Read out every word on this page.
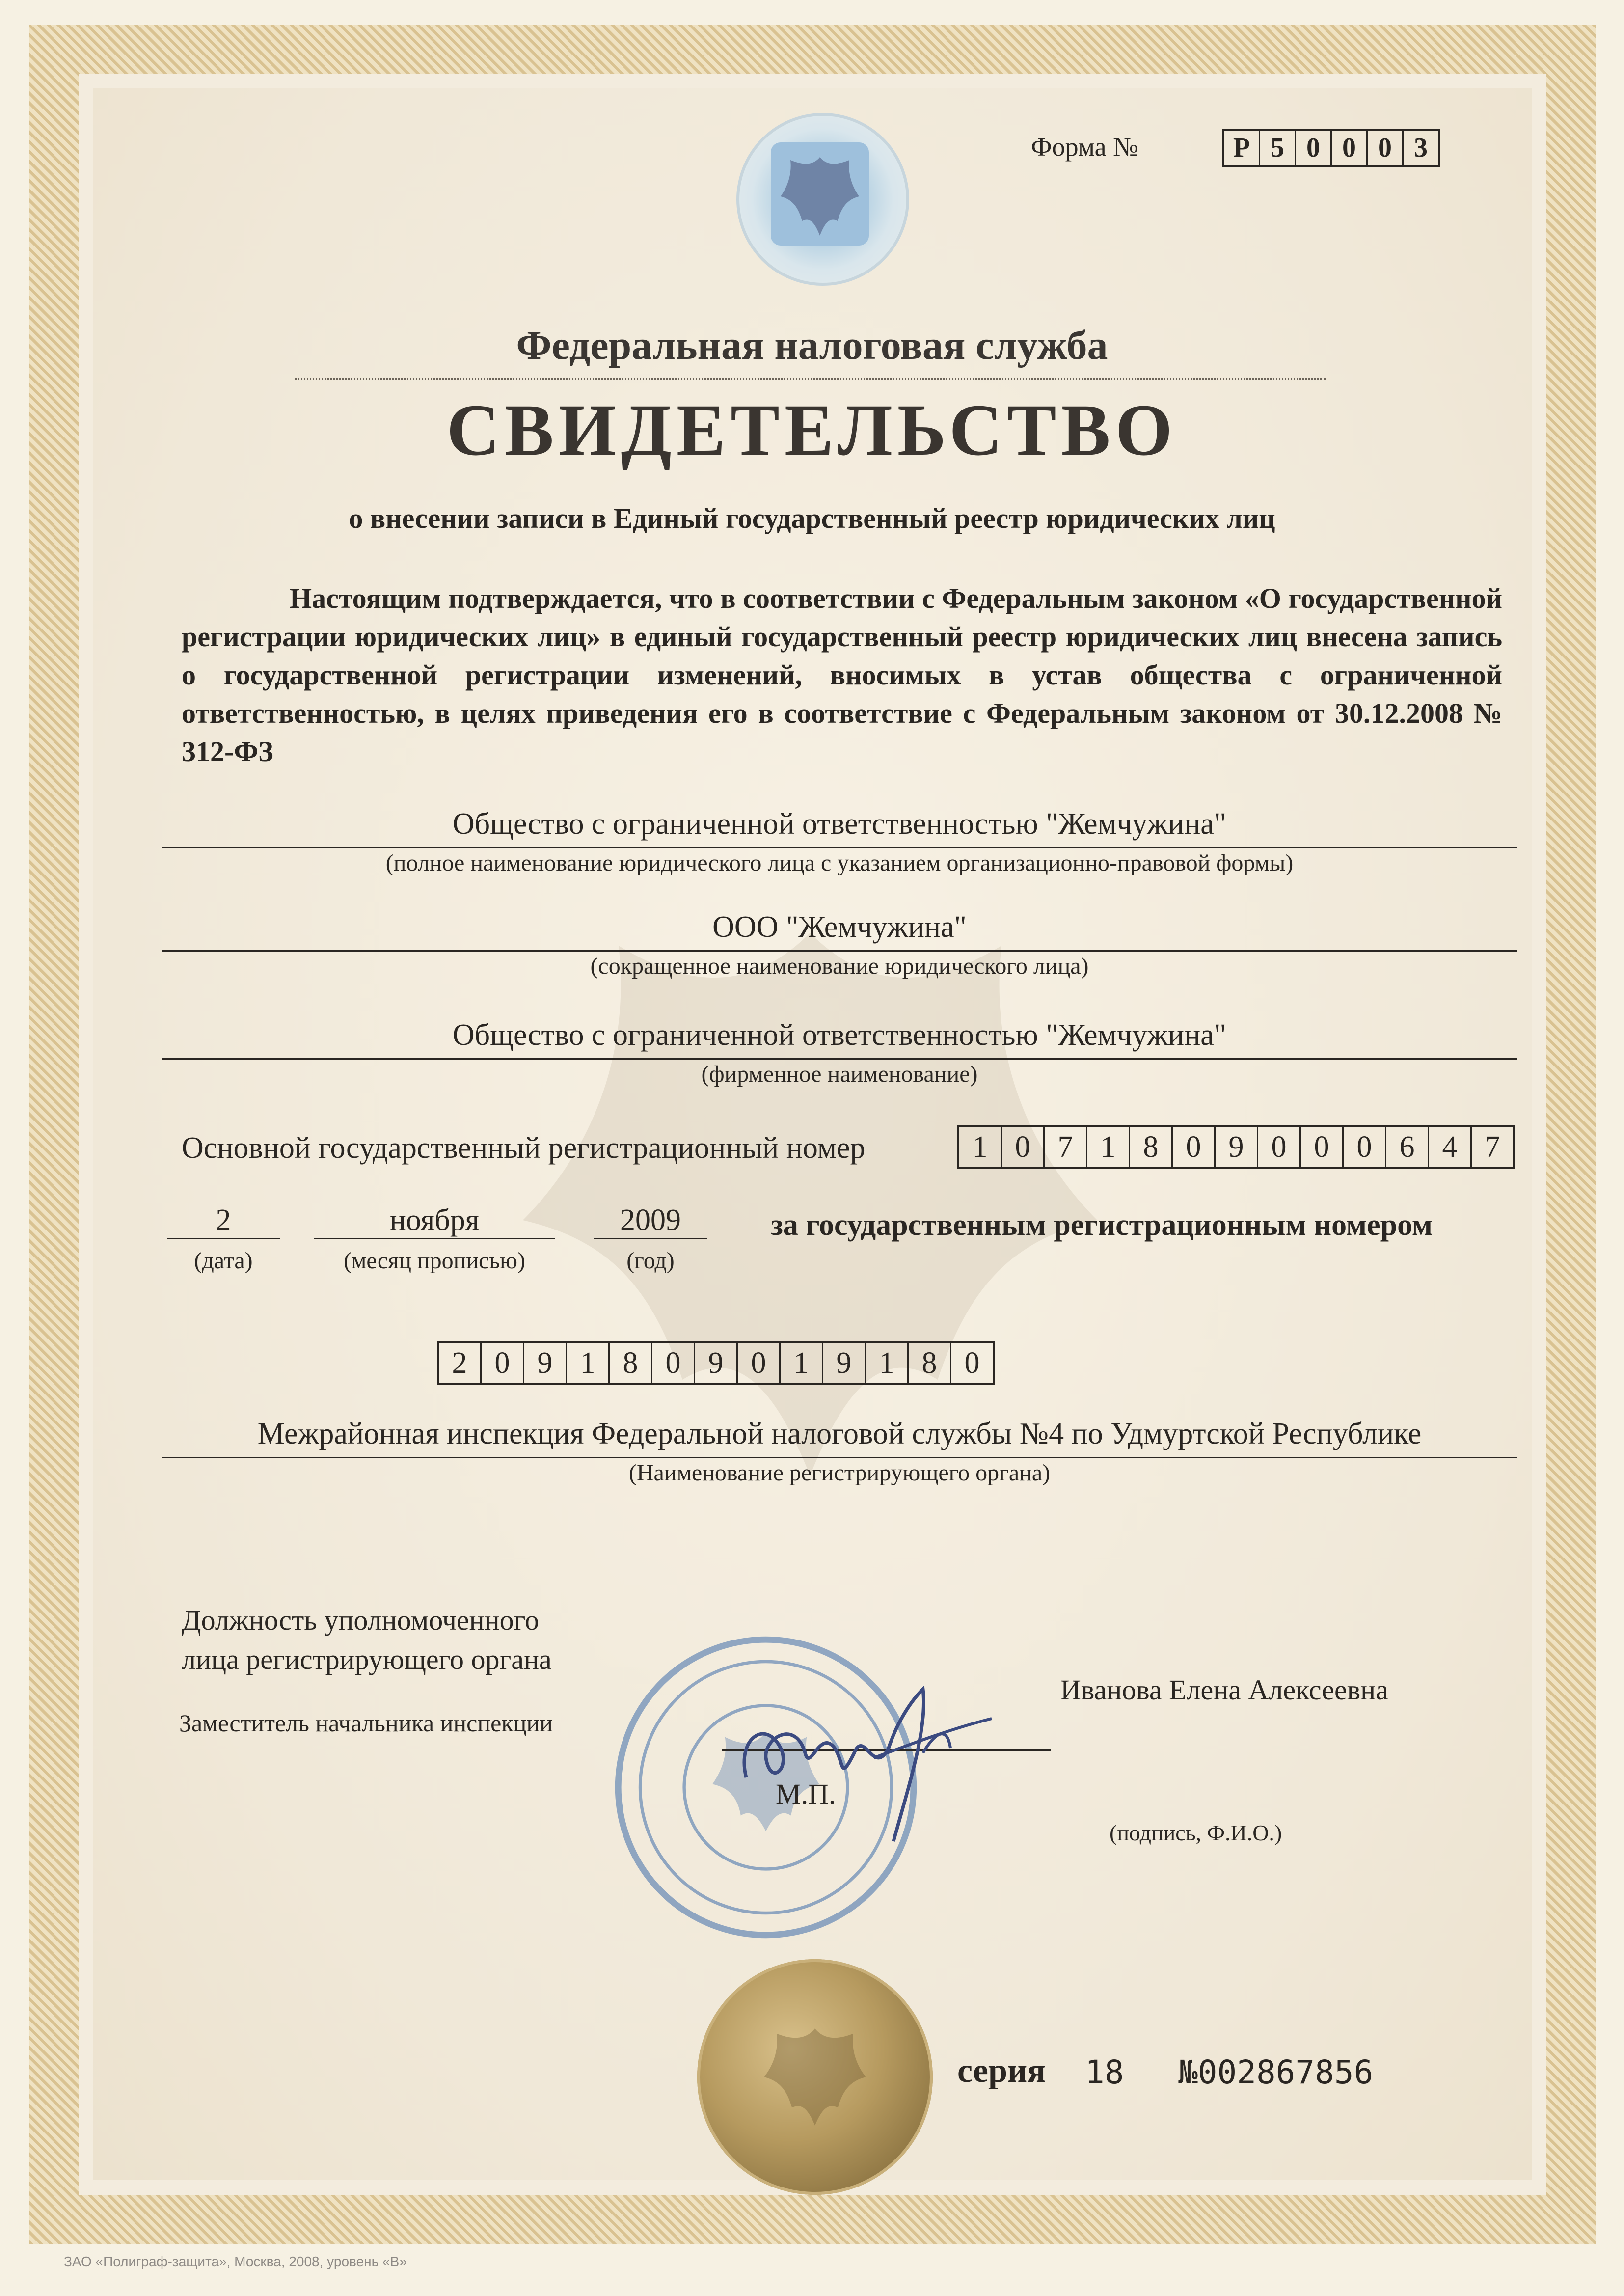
Форма №	Р 5 0 0 0 3
Федеральная налоговая служба
СВИДЕТЕЛЬСТВО
о внесении записи в Единый государственный реестр юридических лиц

Настоящим подтверждается, что в соответствии с Федеральным законом «О государственной регистрации юридических лиц» в единый государственный реестр юридических лиц внесена запись о государственной регистрации изменений, вносимых в устав общества с ограниченной ответственностью, в целях приведения его в соответствие с Федеральным законом от 30.12.2008 № 312-ФЗ

Общество с ограниченной ответственностью "Жемчужина"
(полное наименование юридического лица с указанием организационно-правовой формы)
ООО "Жемчужина"
(сокращенное наименование юридического лица)
Общество с ограниченной ответственностью "Жемчужина"
(фирменное наименование)
Основной государственный регистрационный номер	1 0 7 1 8 0 9 0 0 0 6 4 7
2
(дата)
ноября
(месяц прописью)
2009
(год)
за государственным регистрационным номером
2 0 9 1 8 0 9 0 1 9 1 8 0
Межрайонная инспекция Федеральной налоговой службы №4 по Удмуртской Республике
(Наименование регистрирующего органа)
Должность уполномоченного
лица регистрирующего органа
Заместитель начальника инспекции
Иванова Елена Алексеевна
М.П.
(подпись, Ф.И.О.)
серия 18 №002867856
ЗАО «Полиграф-защита», Москва, 2008, уровень «В»
